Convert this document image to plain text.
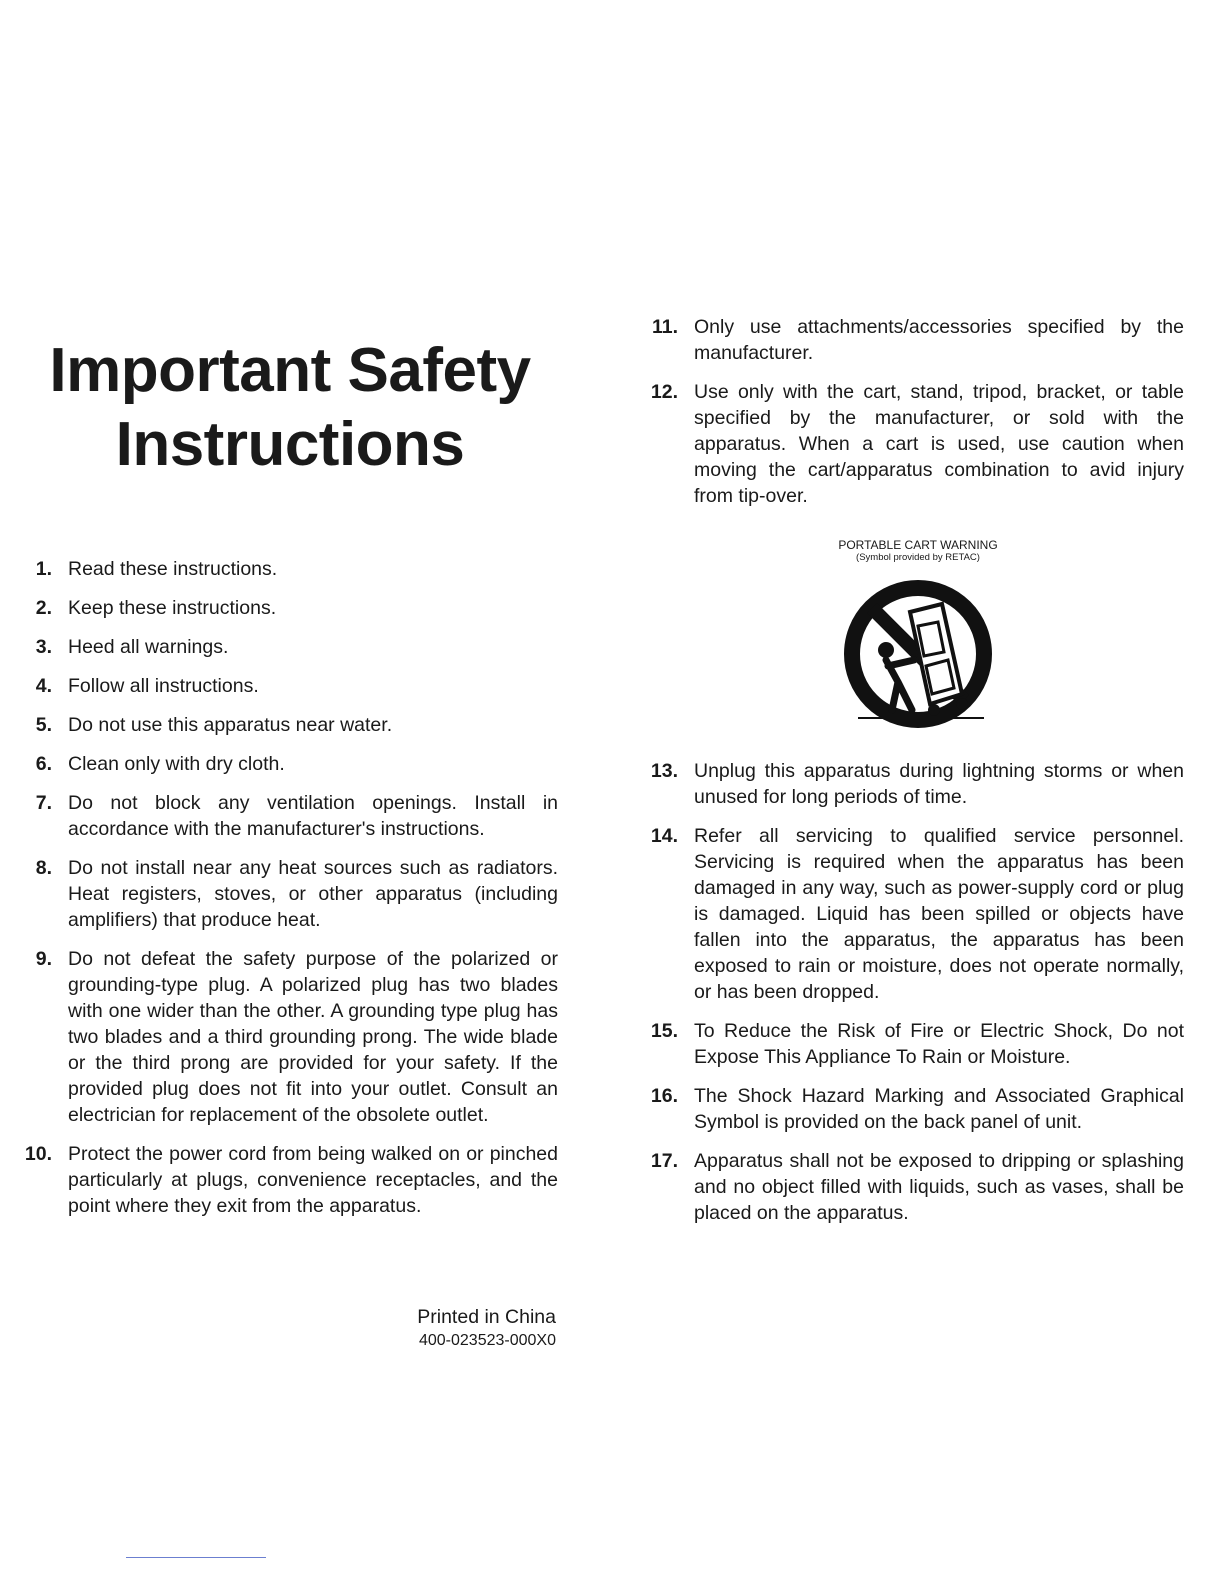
Important Safety
Instructions
1. Read these instructions.
2. Keep these instructions.
3. Heed all warnings.
4. Follow all instructions.
5. Do not use this apparatus near water.
6. Clean only with dry cloth.
7. Do not block any ventilation openings. Install in accordance with the manufacturer's instructions.
8. Do not install near any heat sources such as radiators. Heat registers, stoves, or other apparatus (including amplifiers) that produce heat.
9. Do not defeat the safety purpose of the polarized or grounding-type plug. A polarized plug has two blades with one wider than the other. A grounding type plug has two blades and a third grounding prong. The wide blade or the third prong are provided for your safety. If the provided plug does not fit into your outlet. Consult an electrician for replacement of the obsolete outlet.
10. Protect the power cord from being walked on or pinched particularly at plugs, convenience receptacles, and the point where they exit from the apparatus.
11. Only use attachments/accessories specified by the manufacturer.
12. Use only with the cart, stand, tripod, bracket, or table specified by the manufacturer, or sold with the apparatus. When a cart is used, use caution when moving the cart/apparatus combination to avid injury from tip-over.
PORTABLE CART WARNING
(Symbol provided by RETAC)
13. Unplug this apparatus during lightning storms or when unused for long periods of time.
14. Refer all servicing to qualified service personnel. Servicing is required when the apparatus has been damaged in any way, such as power-supply cord or plug is damaged. Liquid has been spilled or objects have fallen into the apparatus, the apparatus has been exposed to rain or moisture, does not operate normally, or has been dropped.
15. To Reduce the Risk of Fire or Electric Shock, Do not Expose This Appliance To Rain or Moisture.
16. The Shock Hazard Marking and Associated Graphical Symbol is provided on the back panel of unit.
17. Apparatus shall not be exposed to dripping or splashing and no object filled with liquids, such as vases, shall be placed on the apparatus.
Printed in China
400-023523-000X0
